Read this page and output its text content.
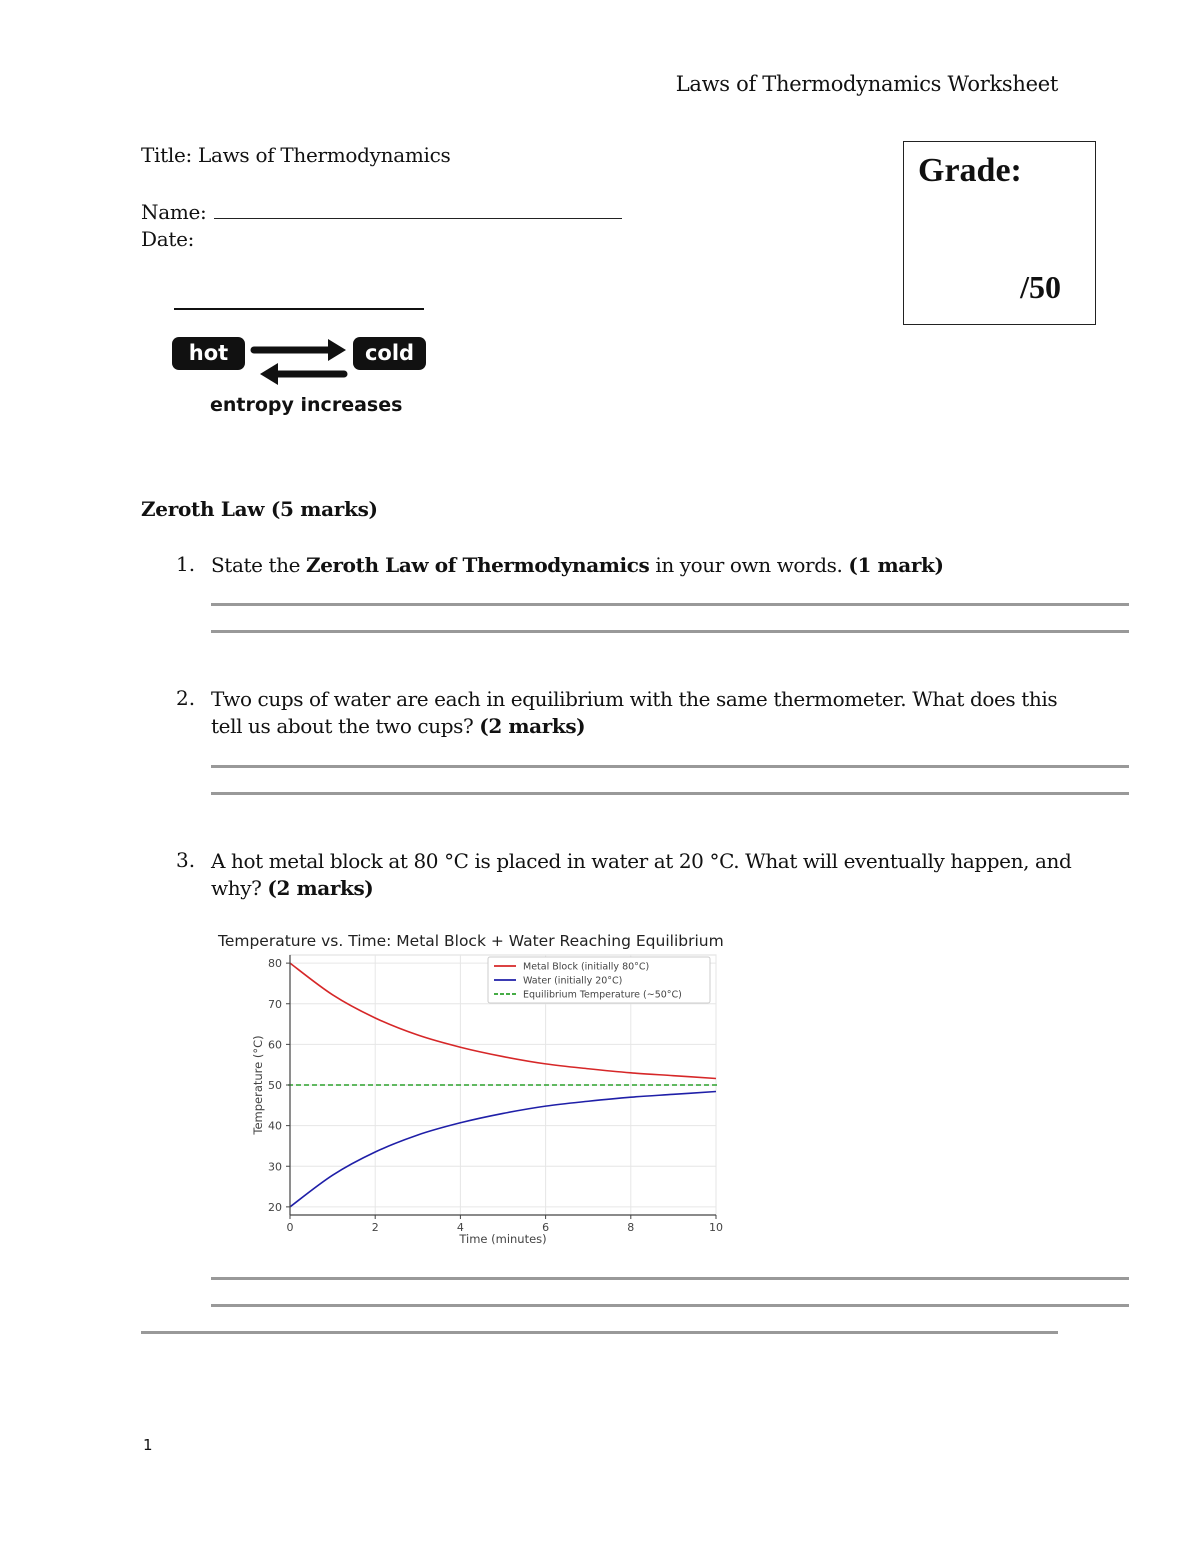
Laws of Thermodynamics Worksheet
Title: Laws of Thermodynamics
Name:
Date:
Grade:
/50
hot	cold
entropy increases
Zeroth Law (5 marks)
1. State the Zeroth Law of Thermodynamics in your own words. (1 mark)
2. Two cups of water are each in equilibrium with the same thermometer. What does this
tell us about the two cups? (2 marks)
3. A hot metal block at 80 °C is placed in water at 20 °C. What will eventually happen, and
why? (2 marks)
Temperature vs. Time: Metal Block + Water Reaching Equilibrium
0	2	4	6	8	10
20
30
40
50
60
70
80
Time (minutes)
Temperature (°C)
Metal Block (initially 80°C)
Water (initially 20°C)
Equilibrium Temperature (~50°C)
1
